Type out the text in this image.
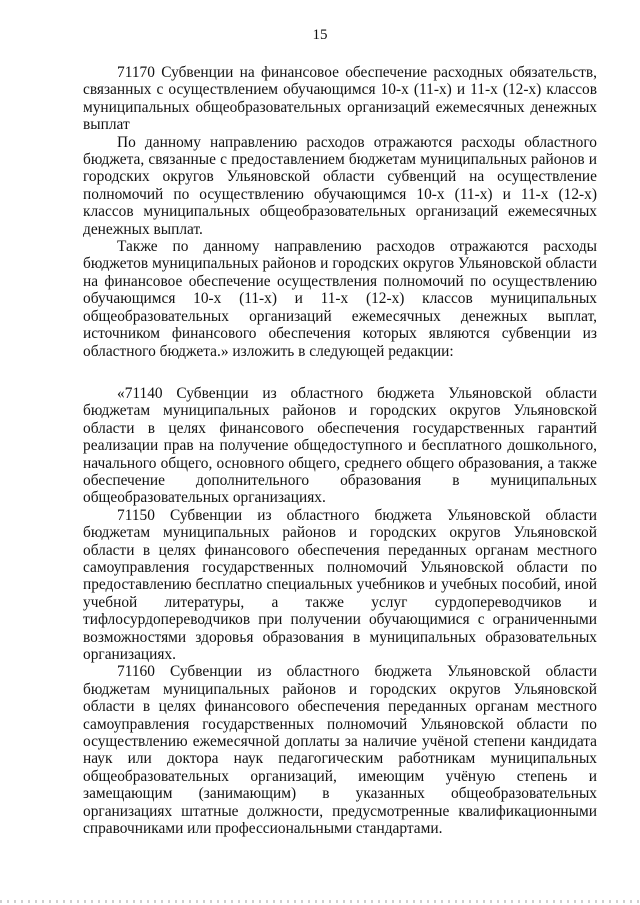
15

71170 Субвенции на финансовое обеспечение расходных обязательств, связанных с осуществлением обучающимся 10-х (11-х) и 11-х (12-х) классов муниципальных общеобразовательных организаций ежемесячных денежных выплат

По данному направлению расходов отражаются расходы областного бюджета, связанные с предоставлением бюджетам муниципальных районов и городских округов Ульяновской области субвенций на осуществление полномочий по осуществлению обучающимся 10-х (11-х) и 11-х (12-х) классов муниципальных общеобразовательных организаций ежемесячных денежных выплат.

Также по данному направлению расходов отражаются расходы бюджетов муниципальных районов и городских округов Ульяновской области на финансовое обеспечение осуществления полномочий по осуществлению обучающимся 10-х (11-х) и 11-х (12-х) классов муниципальных общеобразовательных организаций ежемесячных денежных выплат, источником финансового обеспечения которых являются субвенции из областного бюджета.» изложить в следующей редакции:

«71140 Субвенции из областного бюджета Ульяновской области бюджетам муниципальных районов и городских округов Ульяновской области в целях финансового обеспечения государственных гарантий реализации прав на получение общедоступного и бесплатного дошкольного, начального общего, основного общего, среднего общего образования, а также обеспечение дополнительного образования в муниципальных общеобразовательных организациях.

71150 Субвенции из областного бюджета Ульяновской области бюджетам муниципальных районов и городских округов Ульяновской области в целях финансового обеспечения переданных органам местного самоуправления государственных полномочий Ульяновской области по предоставлению бесплатно специальных учебников и учебных пособий, иной учебной литературы, а также услуг сурдопереводчиков и тифлосурдопереводчиков при получении обучающимися с ограниченными возможностями здоровья образования в муниципальных образовательных организациях.

71160 Субвенции из областного бюджета Ульяновской области бюджетам муниципальных районов и городских округов Ульяновской области в целях финансового обеспечения переданных органам местного самоуправления государственных полномочий Ульяновской области по осуществлению ежемесячной доплаты за наличие учёной степени кандидата наук или доктора наук педагогическим работникам муниципальных общеобразовательных организаций, имеющим учёную степень и замещающим (занимающим) в указанных общеобразовательных организациях штатные должности, предусмотренные квалификационными справочниками или профессиональными стандартами.
